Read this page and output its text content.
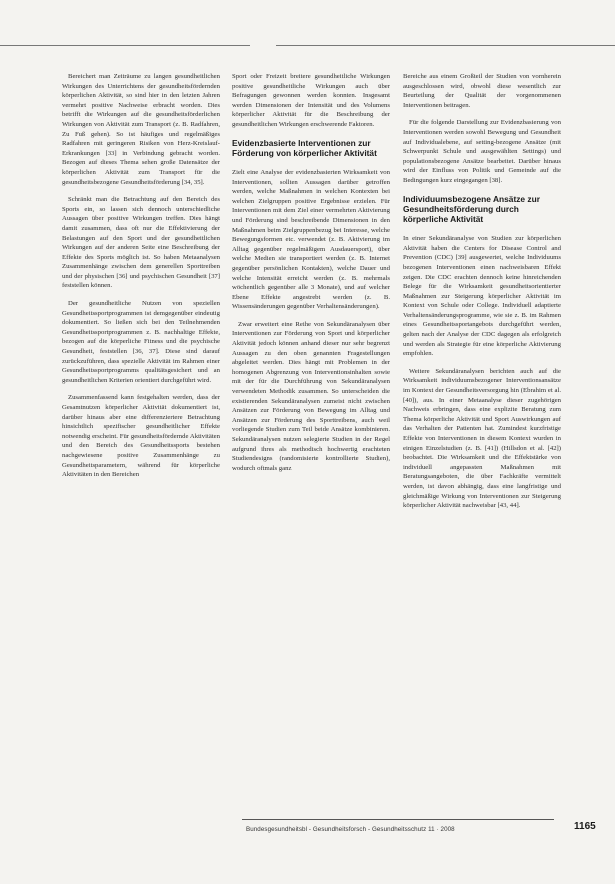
Bereichert man Zeiträume zu langen gesundheitlichen Wirkungen des Unterrichtens der gesundheitsfördernden körperlichen Aktivität, so sind hier in den letzten Jahren vermehrt positive Nachweise erbracht worden. Dies betrifft die Wirkungen auf die gesundheitsförderlichen Wirkungen von Aktivität zum Transport (z. B. Radfahren, Zu Fuß gehen). So ist häufiges und regelmäßiges Radfahren mit geringeren Risiken von Herz-Kreislauf-Erkrankungen [33] in Verbindung gebracht worden. Bezogen auf dieses Thema sehen große Datensätze der körperlichen Aktivität zum Transport für die gesundheitsbezogene Gesundheitsförderung [34, 35].

Schränkt man die Betrachtung auf den Bereich des Sports ein, so lassen sich dennoch unterschiedliche Aussagen über positive Wirkungen treffen. Dies hängt damit zusammen, dass oft nur die Effektivierung der Belastungen auf den Sport und der gesundheitlichen Wirkungen auf der anderen Seite eine Beschreibung der Effekte des Sports möglich ist. So haben Metaanalysen Zusammenhänge zwischen dem generellen Sporttreiben und der physischen [36] und psychischen Gesundheit [37] feststellen können.

Der gesundheitliche Nutzen von speziellen Gesundheitssportprogrammen ist demgegenüber eindeutig dokumentiert. So ließen sich bei den Teilnehmenden Gesundheitssportprogrammen z. B. nachhaltige Effekte, bezogen auf die körperliche Fitness und die psychische Gesundheit, feststellen [36, 37]. Diese sind darauf zurückzuführen, dass spezielle Aktivität im Rahmen einer Gesundheitssportprogramms qualitätsgesichert und an gesundheitlichen Kriterien orientiert durchgeführt wird.

Zusammenfassend kann festgehalten werden, dass der Gesamtnutzen körperlicher Aktivität dokumentiert ist, darüber hinaus aber eine differenziertere Betrachtung hinsichtlich spezifischer gesundheitlicher Effekte notwendig erscheint. Für gesundheitsfördernde Aktivitäten und den Bereich des Gesundheitssports bestehen nachgewiesene positive Zusammenhänge zu Gesundheitsparametern, während für körperliche Aktivitäten in den Bereichen

Sport oder Freizeit breitere gesundheitliche Wirkungen positive gesundheitliche Wirkungen auch über Befragungen gewonnen werden konnten. Insgesamt werden Dimensionen der Intensität und des Volumens körperlicher Aktivität für die Beschreibung der gesundheitlichen Wirkungen erschwerende Faktoren.

Evidenzbasierte Interventionen zur Förderung von körperlicher Aktivität

Zielt eine Analyse der evidenzbasierten Wirksamkeit von Interventionen, sollten Aussagen darüber getroffen werden, welche Maßnahmen in welchen Kontexten bei welchen Zielgruppen positive Ergebnisse erzielen. Für Interventionen mit dem Ziel einer vermehrten Aktivierung und Förderung sind beschreibende Dimensionen in den Maßnahmen beim Zielgruppenbezug bei Interesse, welche Bewegungsformen etc. verwendet (z. B. Aktivierung im Alltag gegenüber regelmäßigem Ausdauersport), über welche Medien sie transportiert werden (z. B. Internet gegenüber persönlichen Kontakten), welche Dauer und welche Intensität erreicht werden (z. B. mehrmals wöchentlich gegenüber alle 3 Monate), und auf welcher Ebene Effekte angestrebt werden (z. B. Wissensänderungen gegenüber Verhaltensänderungen).

Zwar erweitert eine Reihe von Sekundäranalysen über Interventionen zur Förderung von Sport und körperlicher Aktivität jedoch können anhand dieser nur sehr begrenzt Aussagen zu den oben genannten Fragestellungen abgeleitet werden. Dies hängt mit Problemen in der homogenen Abgrenzung von Interventionsinhalten sowie mit der für die Durchführung von Sekundäranalysen verwendeten Methodik zusammen. So unterscheiden die existierenden Sekundäranalysen zumeist nicht zwischen Ansätzen zur Förderung von Bewegung im Alltag und Ansätzen zur Förderung des Sporttreibens, auch weil vorliegende Studien zum Teil beide Ansätze kombinieren. Sekundäranalysen nutzen selegierte Studien in der Regel aufgrund ihres als methodisch hochwertig erachteten Studiendesigns (randomisierte kontrollierte Studien), wodurch oftmals ganz

Bereiche aus einem Großteil der Studien von vornherein ausgeschlossen wird, obwohl diese wesentlich zur Beurteilung der Qualität der vorgenommenen Interventionen beitragen.

Für die folgende Darstellung zur Evidenzbasierung von Interventionen werden sowohl Bewegung und Gesundheit auf Individualebene, auf setting-bezogene Ansätze (mit Schwerpunkt Schule und ausgewählten Settings) und populationsbezogene Ansätze bearbeitet. Darüber hinaus wird der Einfluss von Politik und Gemeinde auf die Bedingungen kurz eingegangen [38].

Individuumsbezogene Ansätze zur Gesundheitsförderung durch körperliche Aktivität

In einer Sekundäranalyse von Studien zur körperlichen Aktivität haben die Centers for Disease Control and Prevention (CDC) [39] ausgewertet, welche Individuums bezogenen Interventionen einen nachweisbaren Effekt zeigen. Die CDC erachten dennoch keine hinreichenden Belege für die Wirksamkeit gesundheitsorientierter Maßnahmen zur Steigerung körperlicher Aktivität im Kontext von Schule oder College. Individuell adaptierte Verhaltensänderungsprogramme, wie sie z. B. im Rahmen eines Gesundheitssportangebots durchgeführt werden, gelten nach der Analyse der CDC dagegen als erfolgreich und werden als Strategie für eine körperliche Aktivierung empfohlen.

Weitere Sekundäranalysen berichten auch auf die Wirksamkeit individuumsbezogener Interventionsansätze im Kontext der Gesundheitsversorgung hin (Ebrahim et al. [40]), aus. In einer Metaanalyse dieser zugehörigen Nachweis erbringen, dass eine explizite Beratung zum Thema körperliche Aktivität und Sport Auswirkungen auf das Verhalten der Patienten hat. Zumindest kurzfristige Effekte von Interventionen in diesem Kontext wurden in einigen Einzelstudien (z. B. [41]) (Hillsdon et al. [42]) beobachtet. Die Wirksamkeit und die Effektstärke von individuell angepassten Maßnahmen mit Beratungsangeboten, die über Fachkräfte vermittelt werden, ist davon abhängig, dass eine langfristige und gleichmäßige Wirkung von Interventionen zur Steigerung körperlicher Aktivität nachweisbar [43, 44].

Bundesgesundheitsbl - Gesundheitsforsch - Gesundheitsschutz 11 · 2008	1165
